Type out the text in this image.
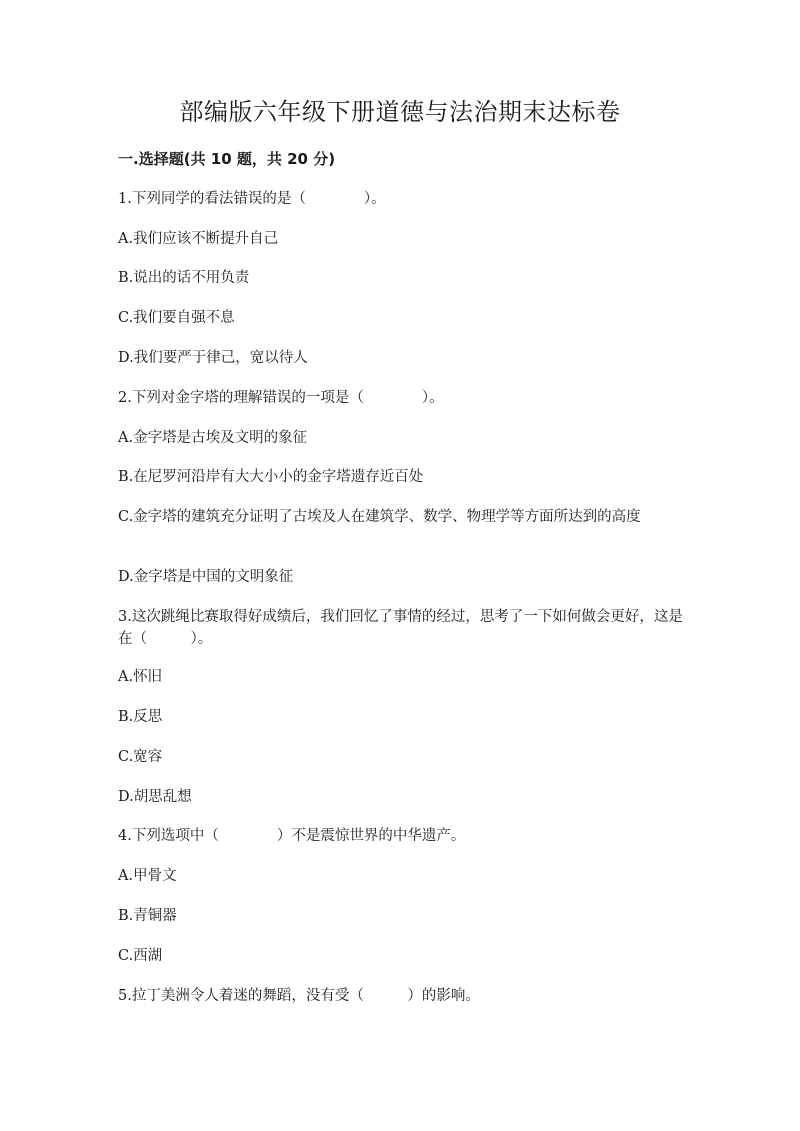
部编版六年级下册道德与法治期末达标卷
一.选择题(共 10 题，共 20 分)

1.下列同学的看法错误的是（　　　　）。

A.我们应该不断提升自己

B.说出的话不用负责

C.我们要自强不息

D.我们要严于律己，宽以待人

2.下列对金字塔的理解错误的一项是（　　　　）。

A.金字塔是古埃及文明的象征

B.在尼罗河沿岸有大大小小的金字塔遗存近百处

C.金字塔的建筑充分证明了古埃及人在建筑学、数学、物理学等方面所达到的高度

D.金字塔是中国的文明象征

3.这次跳绳比赛取得好成绩后，我们回忆了事情的经过，思考了一下如何做会更好，这是在（　　　）。

A.怀旧

B.反思

C.宽容

D.胡思乱想

4.下列选项中（　　　　）不是震惊世界的中华遗产。

A.甲骨文

B.青铜器

C.西湖

5.拉丁美洲令人着迷的舞蹈，没有受（　　　）的影响。
